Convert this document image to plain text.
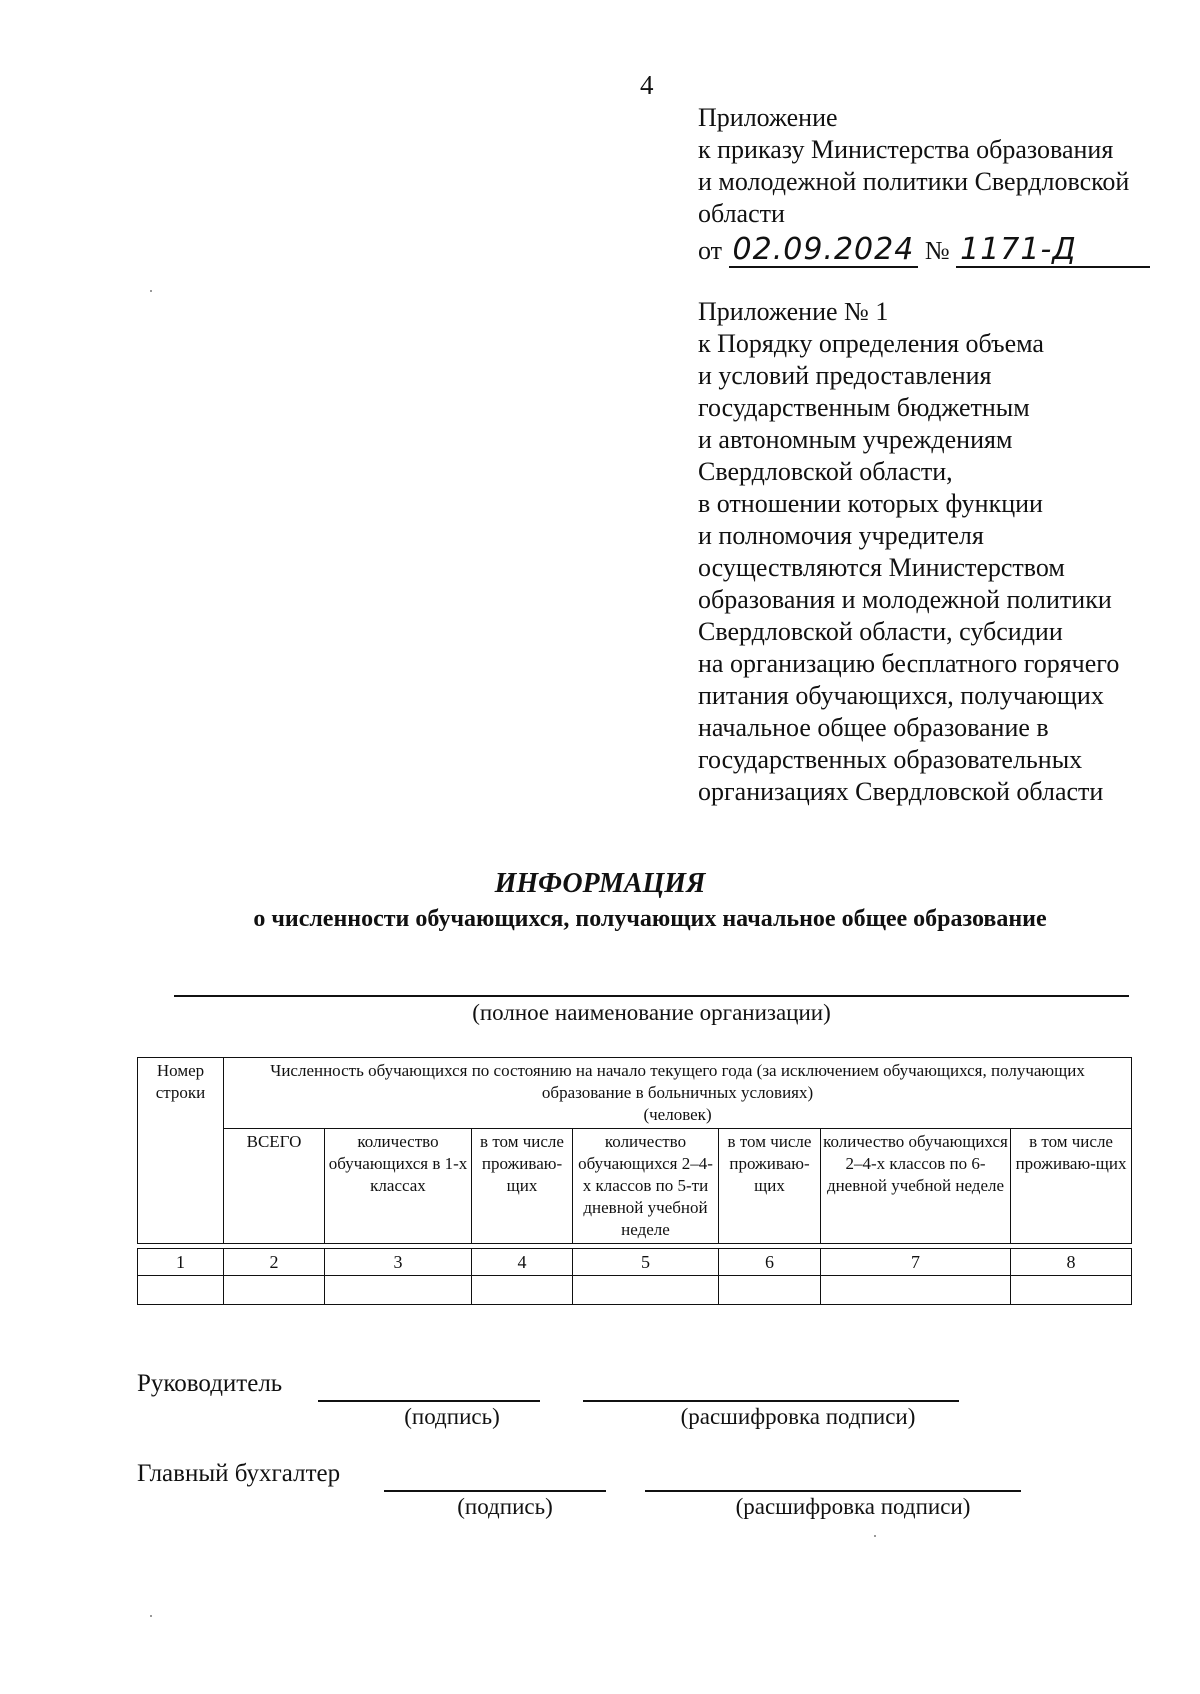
4
Приложение
к приказу Министерства образования
и молодежной политики Свердловской
области
от 02.09.2024 № 1171-Д
Приложение № 1
к Порядку определения объема
и условий предоставления
государственным бюджетным
и автономным учреждениям
Свердловской области,
в отношении которых функции
и полномочия учредителя
осуществляются Министерством
образования и молодежной политики
Свердловской области, субсидии
на организацию бесплатного горячего
питания обучающихся, получающих
начальное общее образование в
государственных образовательных
организациях Свердловской области
ИНФОРМАЦИЯ
о численности обучающихся, получающих начальное общее образование
(полное наименование организации)
Номер строки	Численность обучающихся по состоянию на начало текущего года (за исключением обучающихся, получающих образование в больничных условиях)
(человек)						

	ВСЕГО	количество обучающихся в 1-х классах	в том числе проживаю-щих	количество обучающихся 2–4-х классов по 5-ти дневной учебной неделе	в том числе проживаю-щих	количество обучающихся 2–4-х классов по 6-дневной учебной неделе	в том числе проживаю-щих

1	2	3	4	5	6	7	8

Руководитель
(подпись)	(расшифровка подписи)
Главный бухгалтер
(подпись)	(расшифровка подписи)
